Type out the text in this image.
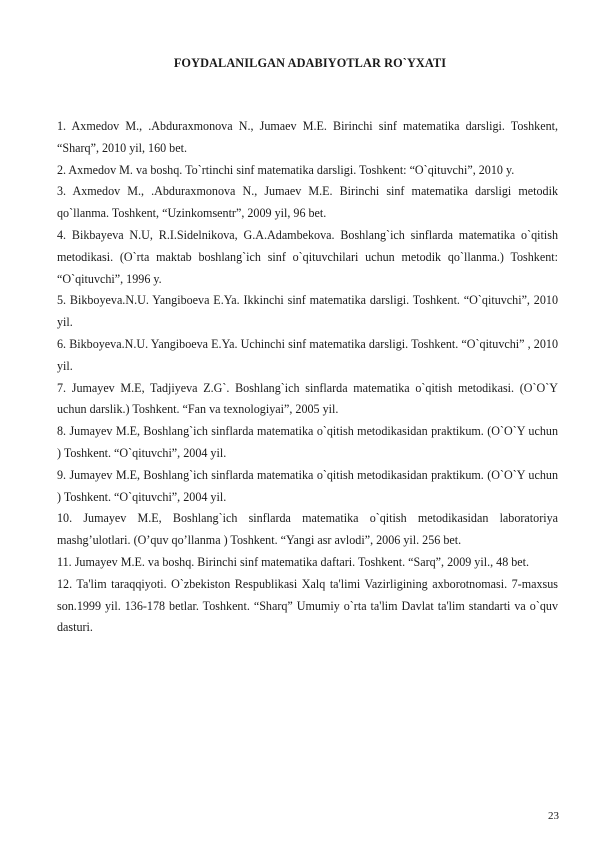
FOYDALANILGAN ADABIYOTLAR RO`YXATI

1. Axmedov M., .Abduraxmonova N., Jumaev M.E. Birinchi sinf matematika darsligi. Toshkent, “Sharq”, 2010 yil, 160 bet.

2. Axmedov M. va boshq. To`rtinchi sinf matematika darsligi. Toshkent: “O`qituvchi”, 2010 y.

3. Axmedov M., .Abduraxmonova N., Jumaev M.E. Birinchi sinf matematika darsligi metodik qo`llanma. Toshkent, “Uzinkomsentr”, 2009 yil, 96 bet.

4. Bikbayeva N.U, R.I.Sidelnikova, G.A.Adambekova. Boshlang`ich sinflarda matematika o`qitish metodikasi. (O`rta maktab boshlang`ich sinf o`qituvchilari uchun metodik qo`llanma.) Toshkent: “O`qituvchi”, 1996 y.

5. Bikboyeva.N.U. Yangiboeva E.Ya. Ikkinchi sinf matematika darsligi. Toshkent. “O`qituvchi”, 2010 yil.

6. Bikboyeva.N.U. Yangiboeva E.Ya. Uchinchi sinf matematika darsligi. Toshkent. “O`qituvchi” , 2010 yil.

7. Jumayev M.E, Tadjiyeva Z.G`. Boshlang`ich sinflarda matematika o`qitish metodikasi. (O`O`Y uchun darslik.) Toshkent. “Fan va texnologiyai”, 2005 yil.

8. Jumayev M.E, Boshlang`ich sinflarda matematika o`qitish metodikasidan praktikum. (O`O`Y uchun ) Toshkent. “O`qituvchi”, 2004 yil.

9. Jumayev M.E, Boshlang`ich sinflarda matematika o`qitish metodikasidan praktikum. (O`O`Y uchun ) Toshkent. “O`qituvchi”, 2004 yil.

10. Jumayev M.E, Boshlang`ich sinflarda matematika o`qitish metodikasidan laboratoriya mashg’ulotlari. (O’quv qo’llanma ) Toshkent. “Yangi asr avlodi”, 2006 yil. 256 bet.

11. Jumayev M.E. va boshq. Birinchi sinf matematika daftari. Toshkent. “Sarq”, 2009 yil., 48 bet.

12. Ta'lim taraqqiyoti. O`zbekiston Respublikasi Xalq ta'limi Vazirligining axborotnomasi. 7-maxsus son.1999 yil. 136-178 betlar. Toshkent. “Sharq” Umumiy o`rta ta'lim Davlat ta'lim standarti va o`quv dasturi.

23
